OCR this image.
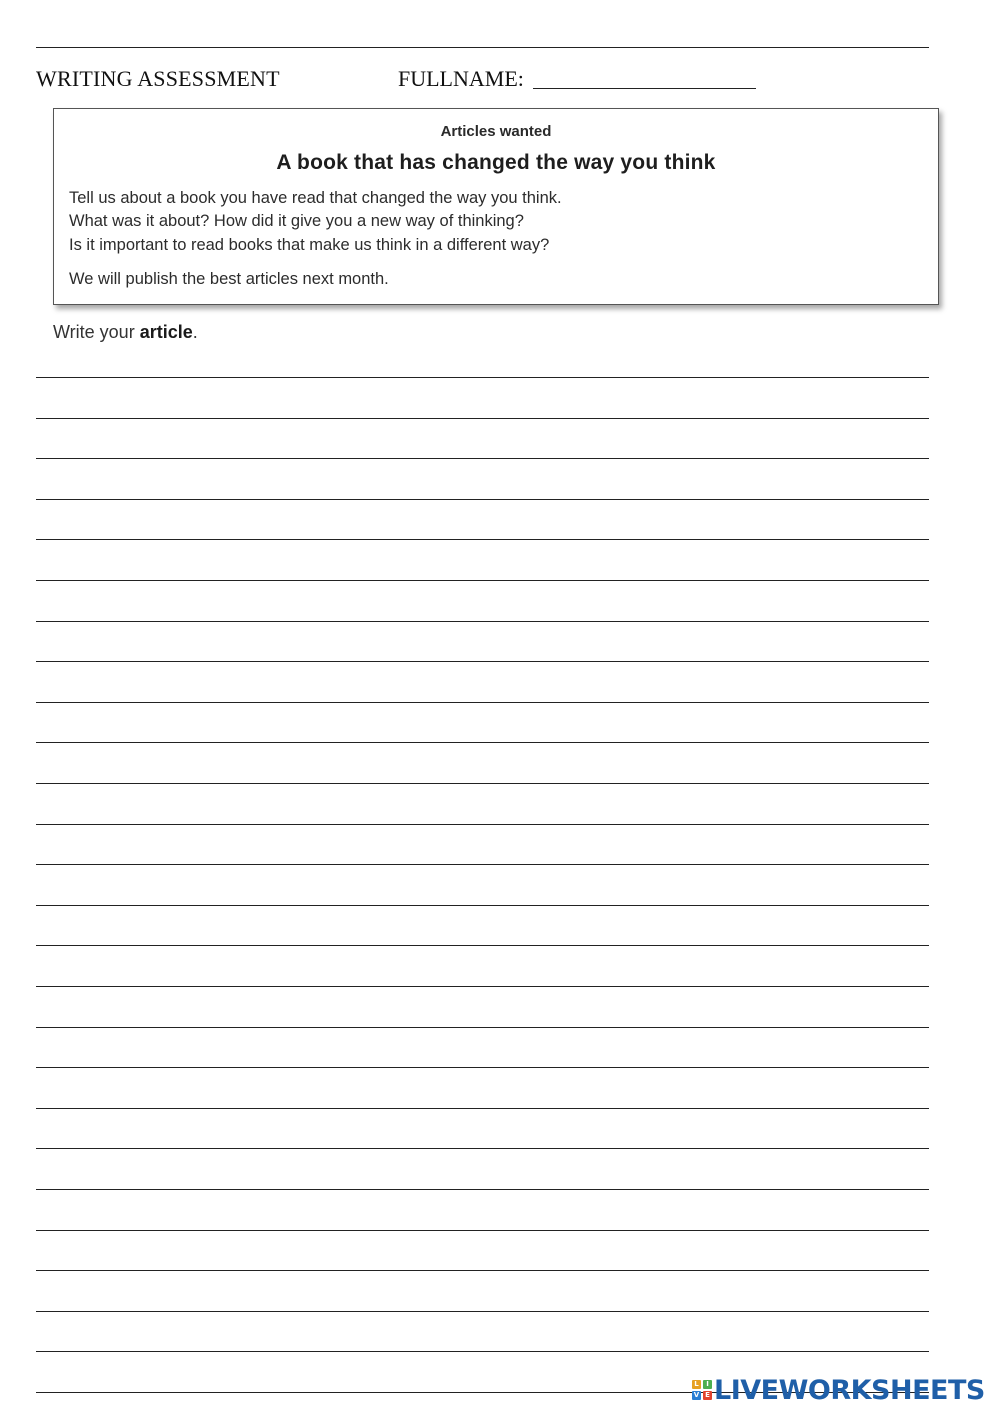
WRITING ASSESSMENT	FULLNAME:
Articles wanted
A book that has changed the way you think
Tell us about a book you have read that changed the way you think.
What was it about? How did it give you a new way of thinking?
Is it important to read books that make us think in a different way?
We will publish the best articles next month.
Write your article.
L	I
V E LIVEWORKSHEETS
